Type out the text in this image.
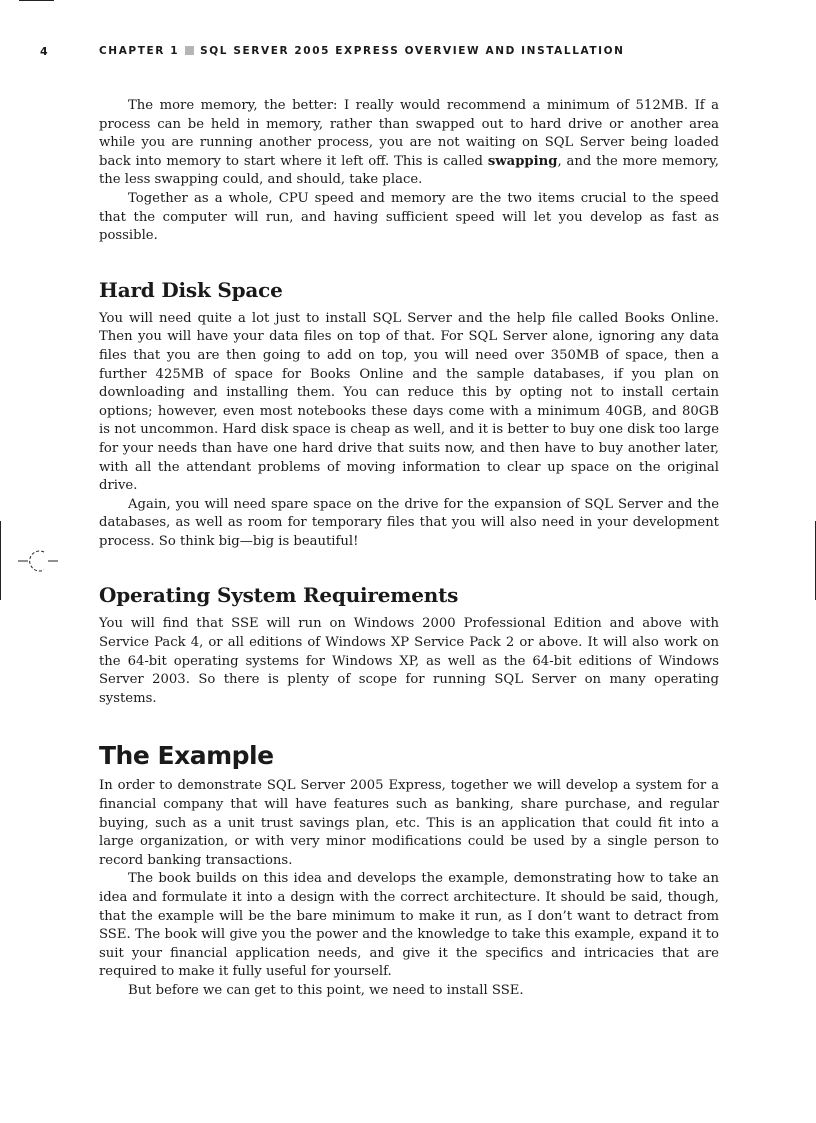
4	CHAPTER 1 SQL SERVER 2005 EXPRESS OVERVIEW AND INSTALLATION

The more memory, the better: I really would recommend a minimum of 512MB. If a process can be held in memory, rather than swapped out to hard drive or another area while you are running another process, you are not waiting on SQL Server being loaded back into memory to start where it left off. This is called swapping, and the more memory, the less swapping could, and should, take place.

Together as a whole, CPU speed and memory are the two items crucial to the speed that the computer will run, and having sufficient speed will let you develop as fast as possible.

Hard Disk Space

You will need quite a lot just to install SQL Server and the help file called Books Online. Then you will have your data files on top of that. For SQL Server alone, ignoring any data files that you are then going to add on top, you will need over 350MB of space, then a further 425MB of space for Books Online and the sample databases, if you plan on downloading and installing them. You can reduce this by opting not to install certain options; however, even most notebooks these days come with a minimum 40GB, and 80GB is not uncommon. Hard disk space is cheap as well, and it is better to buy one disk too large for your needs than have one hard drive that suits now, and then have to buy another later, with all the attendant problems of moving information to clear up space on the original drive.

Again, you will need spare space on the drive for the expansion of SQL Server and the databases, as well as room for temporary files that you will also need in your development process. So think big—big is beautiful!

Operating System Requirements

You will find that SSE will run on Windows 2000 Professional Edition and above with Service Pack 4, or all editions of Windows XP Service Pack 2 or above. It will also work on the 64-bit operating systems for Windows XP, as well as the 64-bit editions of Windows Server 2003. So there is plenty of scope for running SQL Server on many operating systems.

The Example

In order to demonstrate SQL Server 2005 Express, together we will develop a system for a financial company that will have features such as banking, share purchase, and regular buying, such as a unit trust savings plan, etc. This is an application that could fit into a large organization, or with very minor modifications could be used by a single person to record banking transactions.

The book builds on this idea and develops the example, demonstrating how to take an idea and formulate it into a design with the correct architecture. It should be said, though, that the example will be the bare minimum to make it run, as I don’t want to detract from SSE. The book will give you the power and the knowledge to take this example, expand it to suit your financial application needs, and give it the specifics and intricacies that are required to make it fully useful for yourself.

But before we can get to this point, we need to install SSE.
